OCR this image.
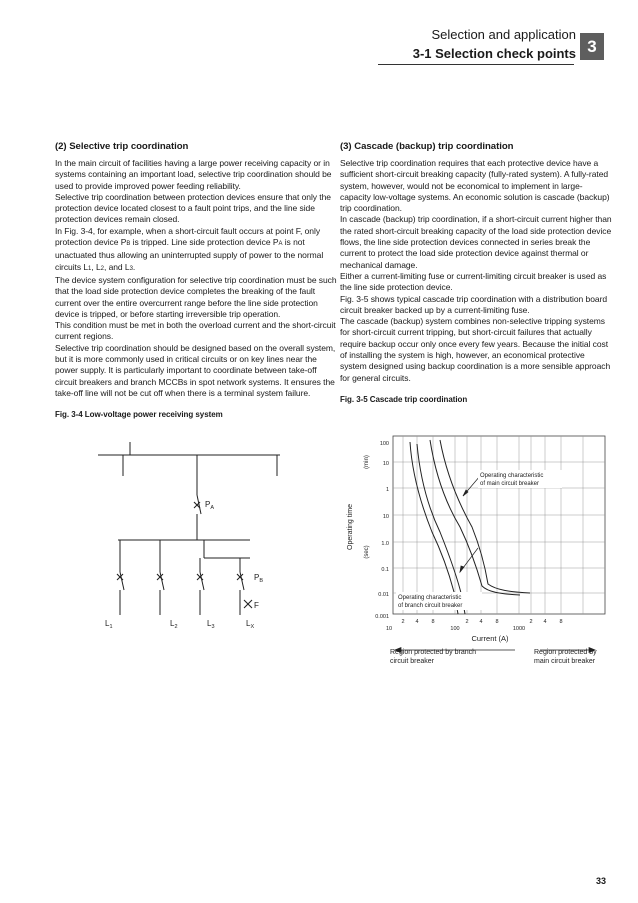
Selection and application
3-1 Selection check points 3

(2) Selective trip coordination

In the main circuit of facilities having a large power receiving capacity or in systems containing an important load, selective trip coordination should be used to provide improved power feeding reliability.

Selective trip coordination between protection devices ensure that only the protection device located closest to a fault point trips, and the line side protection devices remain closed.

In Fig. 3-4, for example, when a short-circuit fault occurs at point F, only protection device PB is tripped. Line side protection device PA is not unactuated thus allowing an uninterrupted supply of power to the normal circuits L1, L2, and L3.

The device system configuration for selective trip coordination must be such that the load side protection device completes the breaking of the fault current over the entire overcurrent range before the line side protection device is tripped, or before starting irreversible trip operation.

This condition must be met in both the overload current and the short-circuit current regions.

Selective trip coordination should be designed based on the overall system, but it is more commonly used in critical circuits or on key lines near the power supply. It is particularly important to coordinate between take-off circuit breakers and branch MCCBs in spot network systems. It ensures the take-off line will not be cut off when there is a terminal system failure.

Fig. 3-4 Low-voltage power receiving system

(3) Cascade (backup) trip coordination

Selective trip coordination requires that each protective device have a sufficient short-circuit breaking capacity (fully-rated system). A fully-rated system, however, would not be economical to implement in large-capacity low-voltage systems. An economic solution is cascade (backup) trip coordination.

In cascade (backup) trip coordination, if a short-circuit current higher than the rated short-circuit breaking capacity of the load side protection device flows, the line side protection devices connected in series break the current to protect the load side protection device against thermal or mechanical damage.

Either a current-limiting fuse or current-limiting circuit breaker is used as the line side protection device.

Fig. 3-5 shows typical cascade trip coordination with a distribution board circuit breaker backed up by a current-limiting fuse.

The cascade (backup) system combines non-selective tripping systems for short-circuit current tripping, but short-circuit failures that actually require backup occur only once every few years. Because the initial cost of installing the system is high, however, an economical protective system designed using backup coordination is a more sensible approach for general circuits.

Fig. 3-5 Cascade trip coordination
$P_A$
$P_B$
F
$L_1$	$L_2$	$L_3$	$L_X$
Operating characteristic
of main circuit breaker
Operating characteristic
of branch circuit breaker
100
10
1
10
1.0
0.1
0.01
0.001
(min)
(sec)
Operating time
2 4 8	2 4 8	2 4 8
10	100	1000
Current (A)
Region protected by branch
circuit breaker
Region protected by
main circuit breaker
33
